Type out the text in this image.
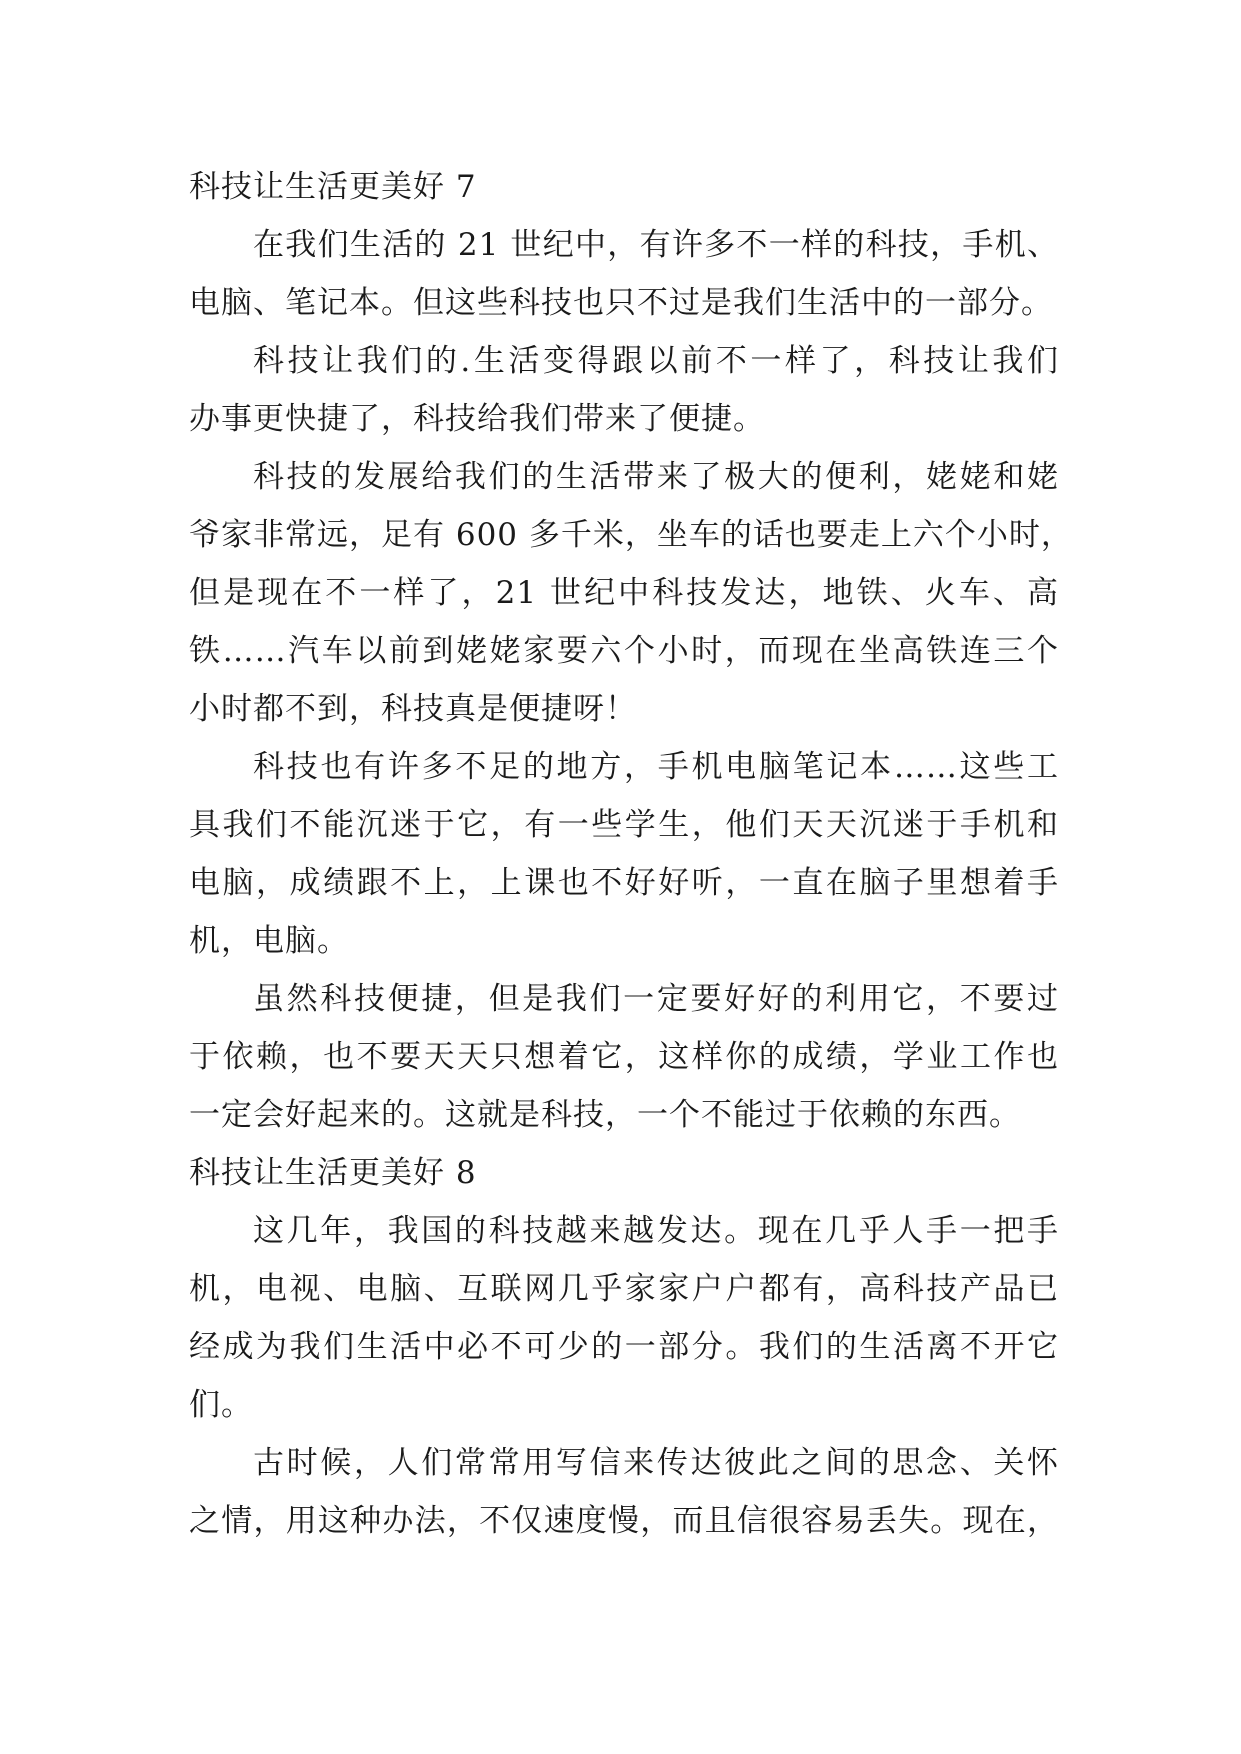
科技让生活更美好 7
在我们生活的 21 世纪中，有许多不一样的科技，手机、
电脑、笔记本。但这些科技也只不过是我们生活中的一部分。
科技让我们的.生活变得跟以前不一样了，科技让我们
办事更快捷了，科技给我们带来了便捷。
科技的发展给我们的生活带来了极大的便利，姥姥和姥
爷家非常远，足有 600 多千米，坐车的话也要走上六个小时，
但是现在不一样了，21 世纪中科技发达，地铁、火车、高
铁……汽车以前到姥姥家要六个小时，而现在坐高铁连三个
小时都不到，科技真是便捷呀！
科技也有许多不足的地方，手机电脑笔记本……这些工
具我们不能沉迷于它，有一些学生，他们天天沉迷于手机和
电脑，成绩跟不上，上课也不好好听，一直在脑子里想着手
机，电脑。
虽然科技便捷，但是我们一定要好好的利用它，不要过
于依赖，也不要天天只想着它，这样你的成绩，学业工作也
一定会好起来的。这就是科技，一个不能过于依赖的东西。
科技让生活更美好 8
这几年，我国的科技越来越发达。现在几乎人手一把手
机，电视、电脑、互联网几乎家家户户都有，高科技产品已
经成为我们生活中必不可少的一部分。我们的生活离不开它
们。
古时候，人们常常用写信来传达彼此之间的思念、关怀
之情，用这种办法，不仅速度慢，而且信很容易丢失。现在，
